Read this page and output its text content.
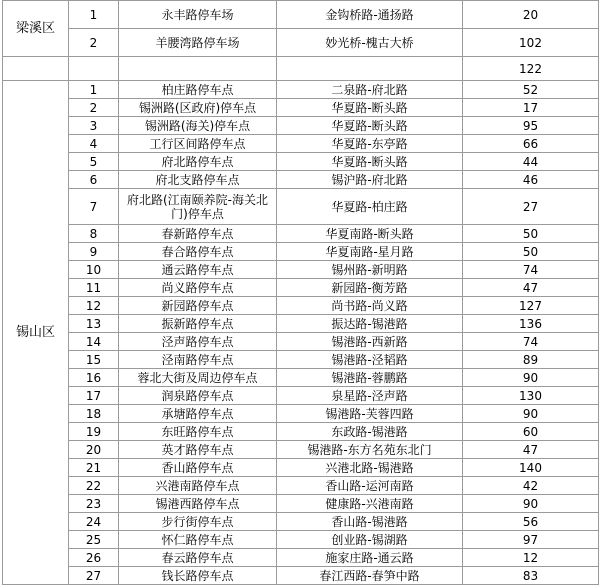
梁溪区	1	永丰路停车场	金钩桥路-通扬路	20
	2	羊腰湾路停车场	妙光桥-槐古大桥	102
				122
锡山区	1	柏庄路停车点	二泉路-府北路	52
	2	锡洲路(区政府)停车点	华夏路-断头路	17
	3	锡洲路(海关)停车点	华夏路-断头路	95
	4	工行区间路停车点	华夏路-东亭路	66
	5	府北路停车点	华夏路-断头路	44
	6	府北支路停车点	锡沪路-府北路	46
	7	府北路(江南颐养院-海关北门)停车点	华夏路-柏庄路	27
	8	春新路停车点	华夏南路-断头路	50
	9	春合路停车点	华夏南路-星月路	50
	10	通云路停车点	锡州路-新明路	74
	11	尚义路停车点	新园路-衡芳路	47
	12	新园路停车点	尚书路-尚义路	127
	13	振新路停车点	振达路-锡港路	136
	14	泾声路停车点	锡港路-西新路	74
	15	泾南路停车点	锡港路-泾韬路	89
	16	蓉北大街及周边停车点	锡港路-蓉鹏路	90
	17	润泉路停车点	泉星路-泾声路	130
	18	承塘路停车点	锡港路-芙蓉四路	90
	19	东旺路停车点	东政路-锡港路	60
	20	英才路停车点	锡港路-东方名苑东北门	47
	21	香山路停车点	兴港北路-锡港路	140
	22	兴港南路停车点	香山路-运河南路	42
	23	锡港西路停车点	健康路-兴港南路	90
	24	步行街停车点	香山路-锡港路	56
	25	怀仁路停车点	创业路-锡湖路	97
	26	春云路停车点	施家庄路-通云路	12
	27	钱长路停车点	春江西路-春笋中路	83
